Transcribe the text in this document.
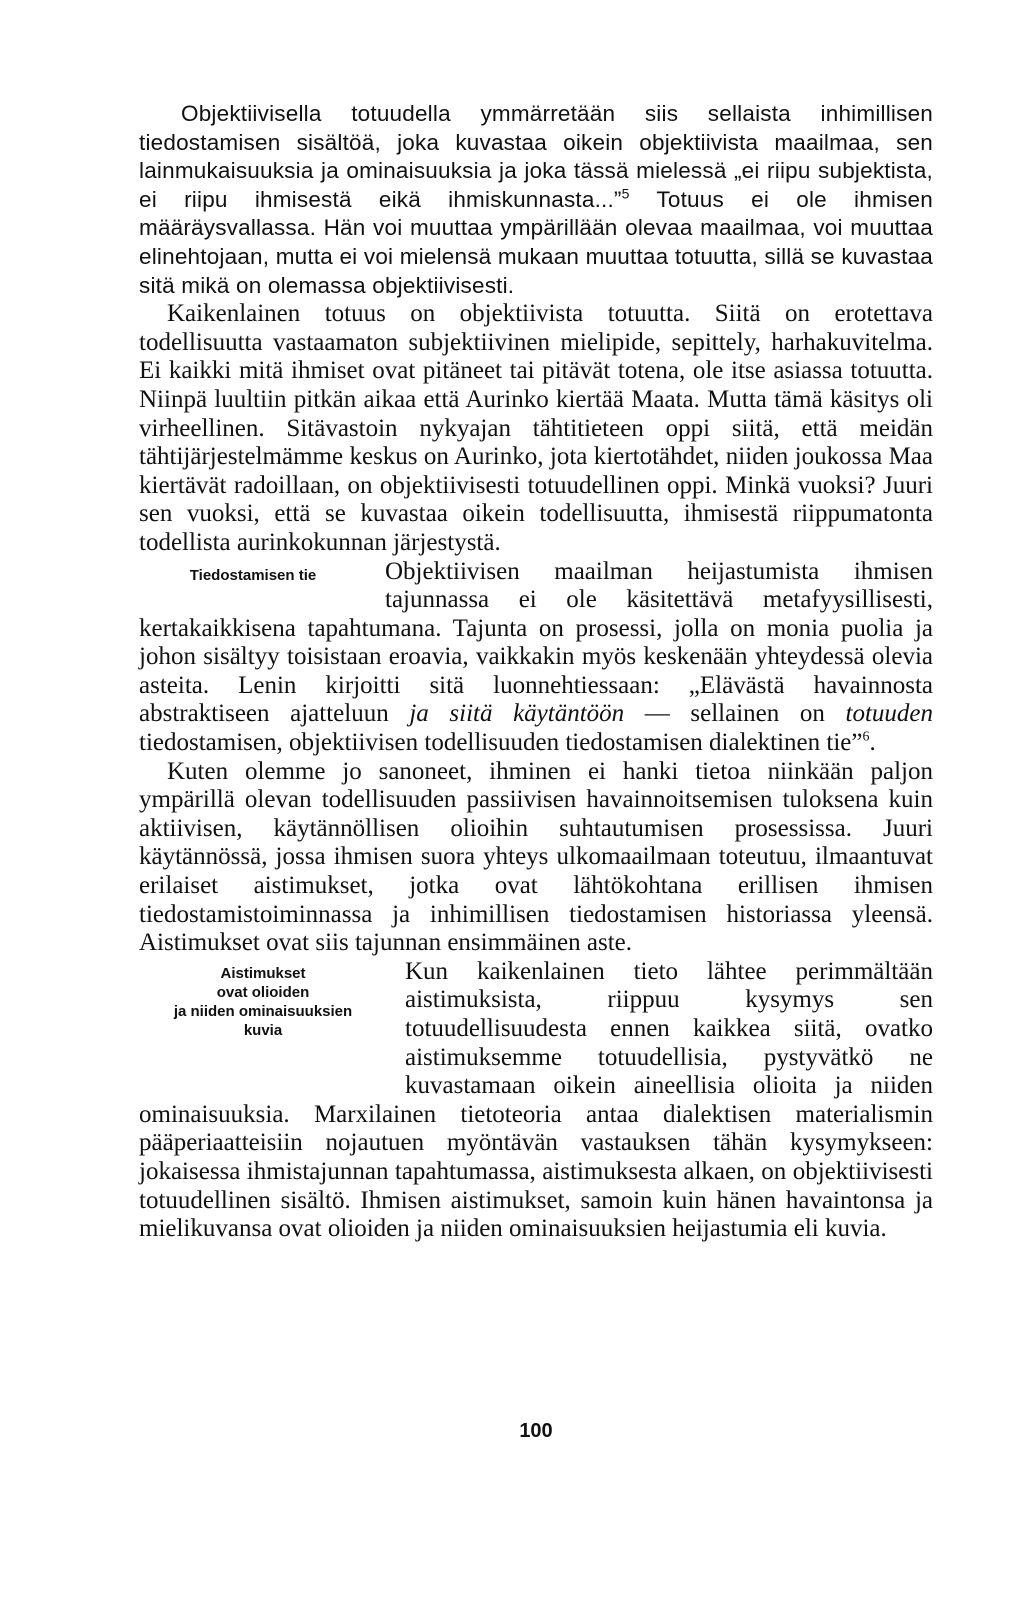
Objektiivisella totuudella ymmärretään siis sellaista inhimillisen tiedostamisen sisältöä, joka kuvastaa oikein objektiivista maailmaa, sen lainmukaisuuksia ja ominaisuuksia ja joka tässä mielessä „ei riipu subjektista, ei riipu ihmisestä eikä ihmiskunnasta...”$^5$ Totuus ei ole ihmisen määräysvallassa. Hän voi muuttaa ympärillään olevaa maailmaa, voi muuttaa elinehtojaan, mutta ei voi mielensä mukaan muuttaa totuutta, sillä se kuvastaa sitä mikä on olemassa objektiivisesti.

Kaikenlainen totuus on objektiivista totuutta. Siitä on erotettava todellisuutta vastaamaton subjektiivinen mielipide, sepittely, harhakuvitelma. Ei kaikki mitä ihmiset ovat pitäneet tai pitävät totena, ole itse asiassa totuutta. Niinpä luultiin pitkän aikaa että Aurinko kiertää Maata. Mutta tämä käsitys oli virheellinen. Sitävastoin nykyajan tähtitieteen oppi siitä, että meidän tähtijärjestelmämme keskus on Aurinko, jota kiertotähdet, niiden joukossa Maa kiertävät radoillaan, on objektiivisesti totuudellinen oppi. Minkä vuoksi? Juuri sen vuoksi, että se kuvastaa oikein todellisuutta, ihmisestä riippumatonta todellista aurinkokunnan järjestystä.

Tiedostamisen tie	Objektiivisen maailman heijastumista ihmisen tajunnassa ei ole käsitettävä metafyysillisesti, kertakaikkisena tapahtumana. Tajunta on prosessi, jolla on monia puolia ja johon sisältyy toisistaan eroavia, vaikkakin myös keskenään yhteydessä olevia asteita. Lenin kirjoitti sitä luonnehtiessaan: „Elävästä havainnosta abstraktiseen ajatteluun ja siitä käytäntöön — sellainen on totuuden tiedostamisen, objektiivisen todellisuuden tiedostamisen dialektinen tie”$^6$.

Kuten olemme jo sanoneet, ihminen ei hanki tietoa niinkään paljon ympärillä olevan todellisuuden passiivisen havainnoitsemisen tuloksena kuin aktiivisen, käytännöllisen olioihin suhtautumisen prosessissa. Juuri käytännössä, jossa ihmisen suora yhteys ulkomaailmaan toteutuu, ilmaantuvat erilaiset aistimukset, jotka ovat lähtökohtana erillisen ihmisen tiedostamistoiminnassa ja inhimillisen tiedostamisen historiassa yleensä. Aistimukset ovat siis tajunnan ensimmäinen aste.

Aistimukset
ovat olioiden
ja niiden ominaisuuksien
kuvia
Kun kaikenlainen tieto lähtee perimmältään aistimuksista, riippuu kysymys sen totuudellisuudesta ennen kaikkea siitä, ovatko aistimuksemme totuudellisia, pystyvätkö ne kuvastamaan oikein aineellisia olioita ja niiden ominaisuuksia. Marxilainen tietoteoria antaa dialektisen materialismin pääperiaatteisiin nojautuen myöntävän vastauksen tähän kysymykseen: jokaisessa ihmistajunnan tapahtumassa, aistimuksesta alkaen, on objektiivisesti totuudellinen sisältö. Ihmisen aistimukset, samoin kuin hänen havaintonsa ja mielikuvansa ovat olioiden ja niiden ominaisuuksien heijastumia eli kuvia.

100
